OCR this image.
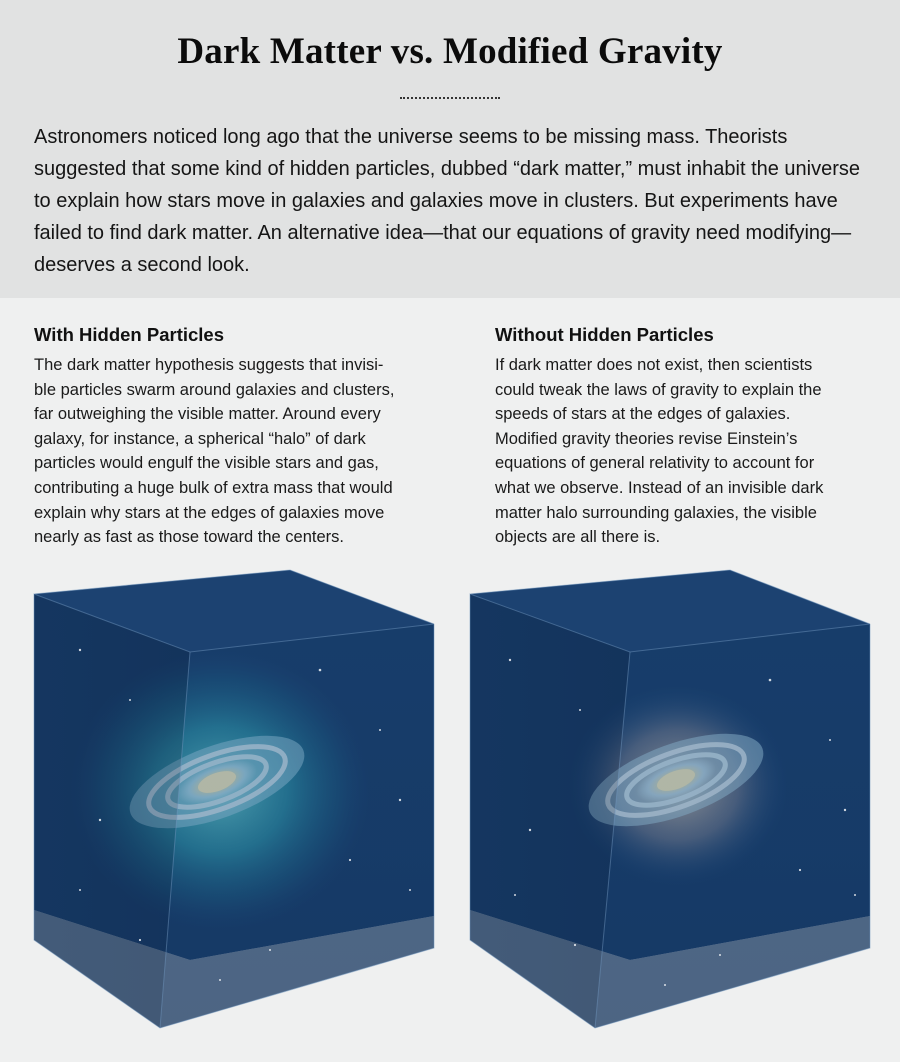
Dark Matter vs. Modified Gravity

Astronomers noticed long ago that the universe seems to be missing mass. Theorists suggested that some kind of hidden particles, dubbed “dark matter,” must inhabit the universe to explain how stars move in galaxies and galaxies move in clusters. But experiments have failed to find dark matter. An alternative idea—that our equations of gravity need modifying—deserves a second look.

With Hidden Particles

The dark matter hypothesis suggests that invisi-
ble particles swarm around galaxies and clusters,
far outweighing the visible matter. Around every
galaxy, for instance, a spherical “halo” of dark
particles would engulf the visible stars and gas,
contributing a huge bulk of extra mass that would
explain why stars at the edges of galaxies move
nearly as fast as those toward the centers.

Without Hidden Particles

If dark matter does not exist, then scientists
could tweak the laws of gravity to explain the
speeds of stars at the edges of galaxies.
Modified gravity theories revise Einstein’s
equations of general relativity to account for
what we observe. Instead of an invisible dark
matter halo surrounding galaxies, the visible
objects are all there is.
